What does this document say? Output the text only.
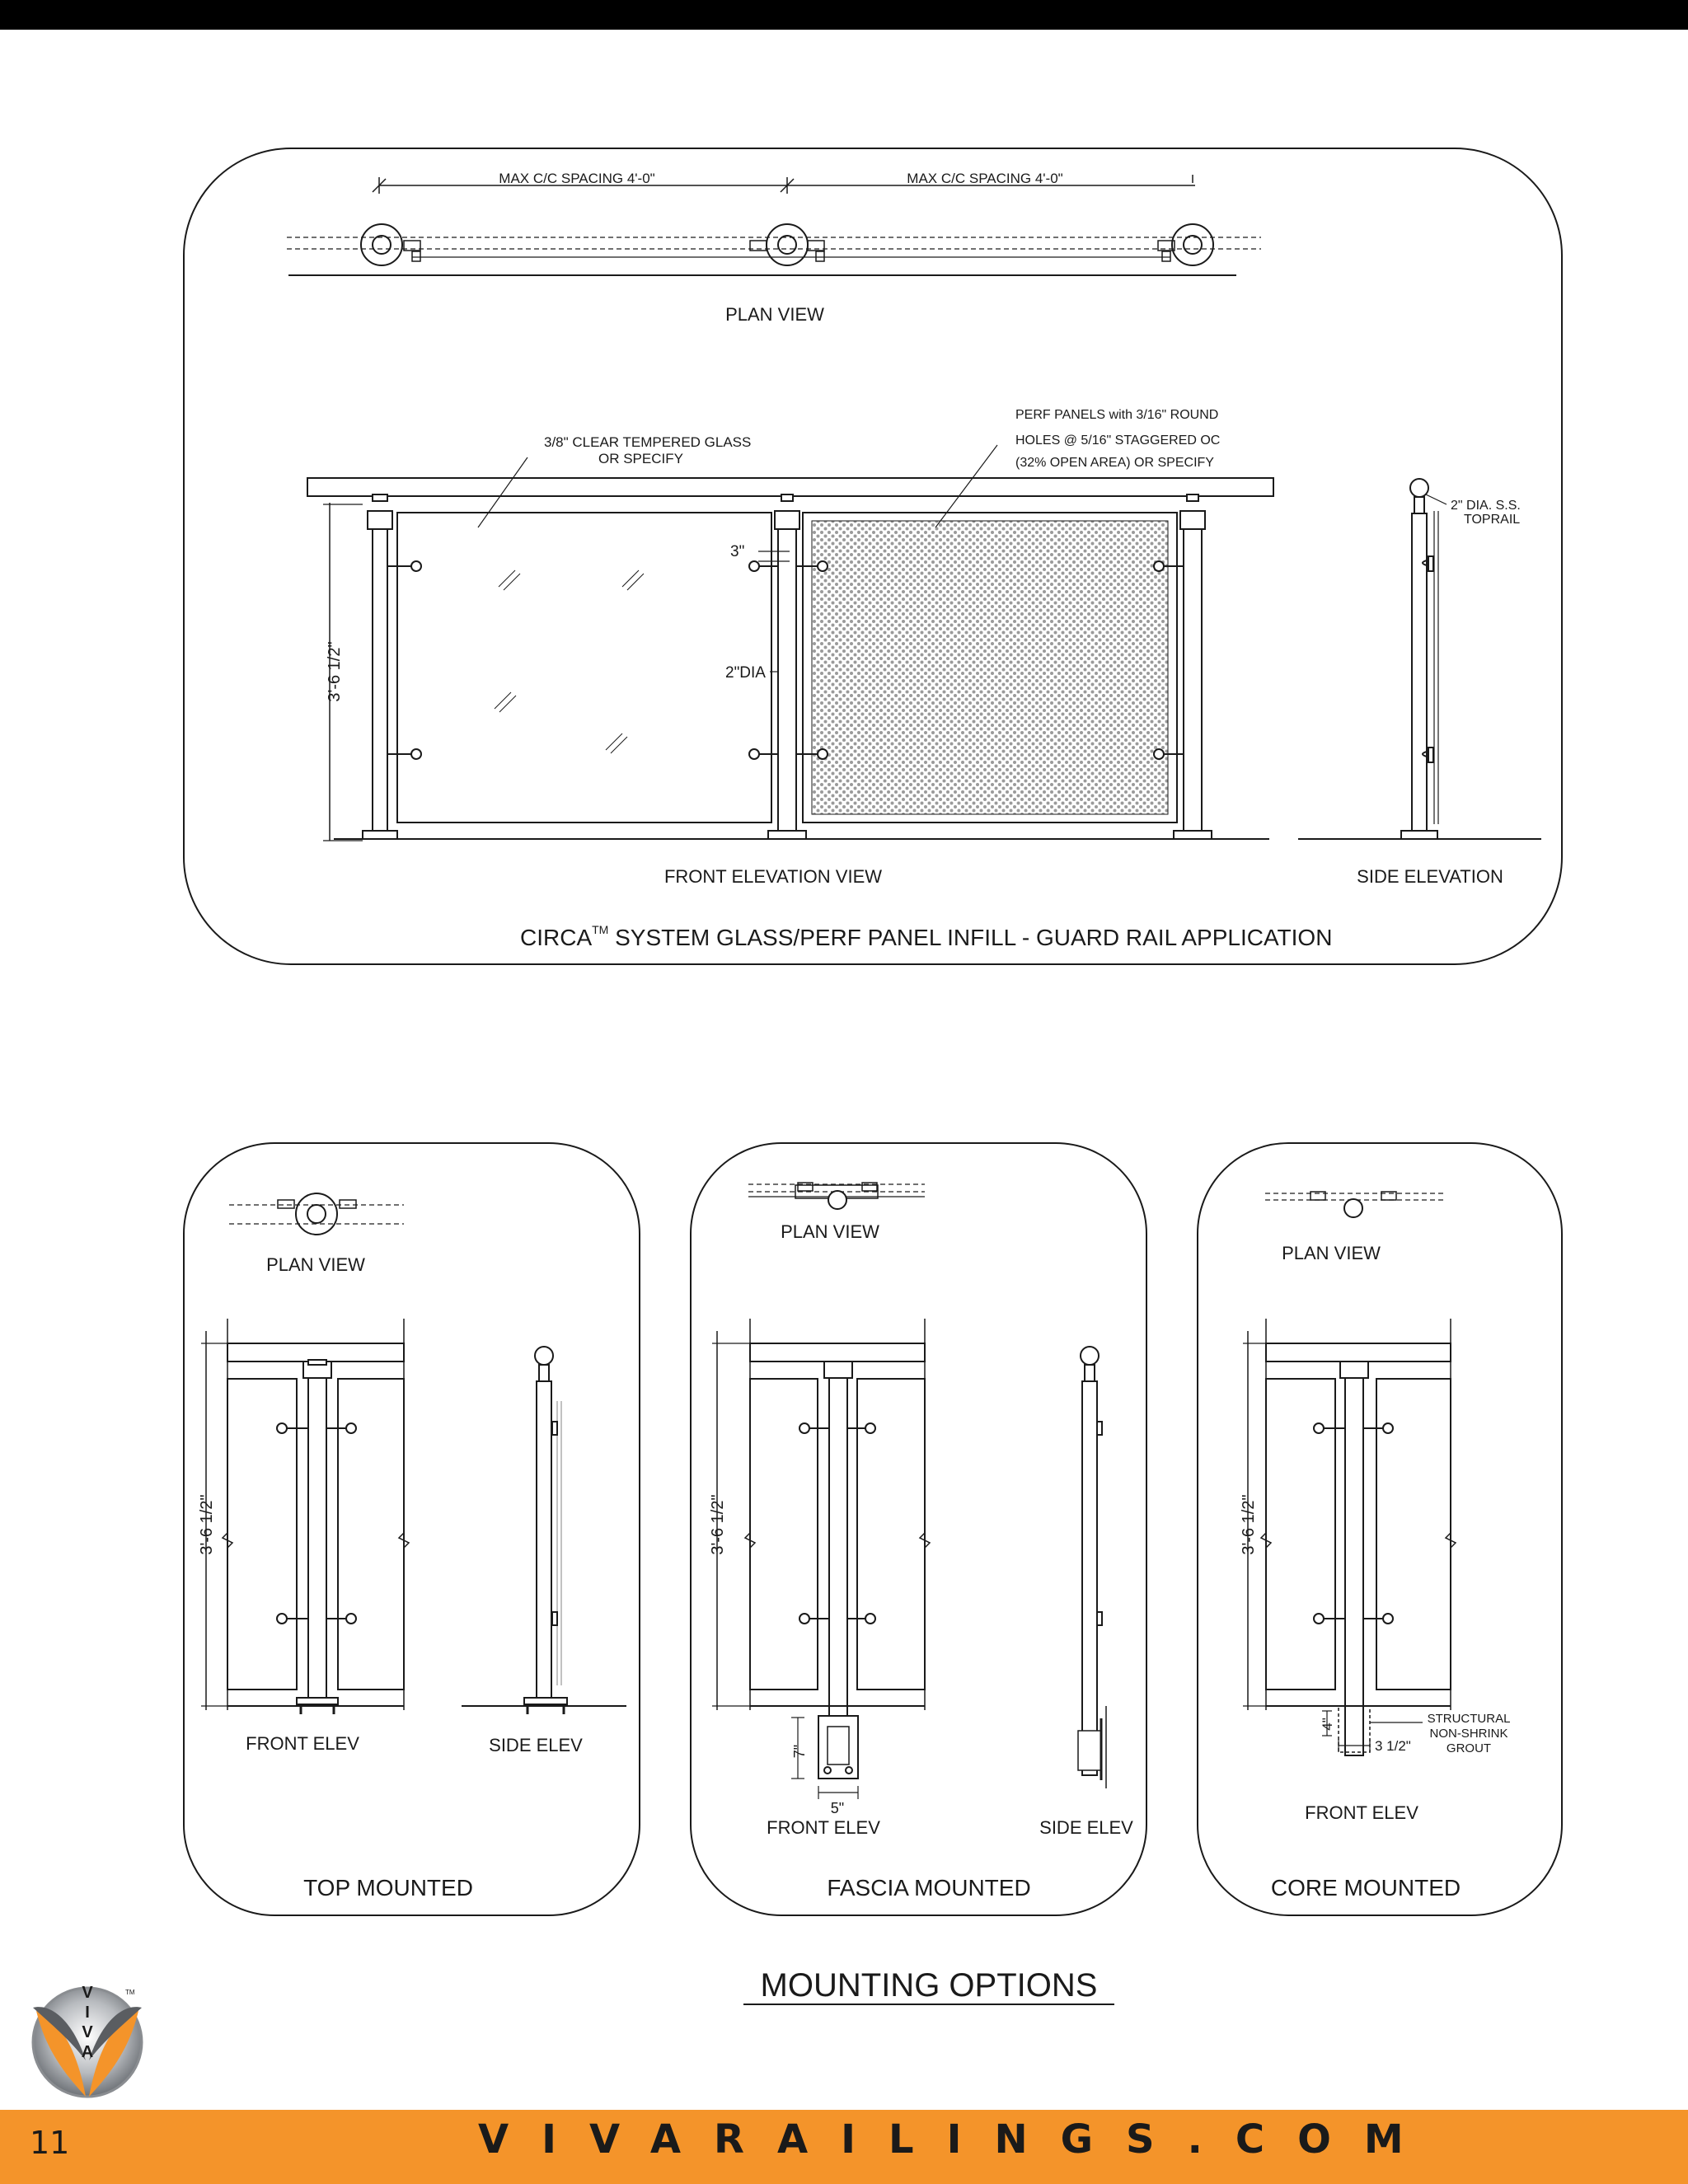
MAX C/C SPACING 4'-0"	MAX C/C SPACING 4'-0"
PLAN VIEW
3/8" CLEAR TEMPERED GLASS
OR SPECIFY
PERF PANELS with 3/16" ROUND
HOLES @ 5/16" STAGGERED OC
(32% OPEN AREA) OR SPECIFY
3'-6 1/2"
3"
2"DIA
2" DIA. S.S.
TOPRAIL
FRONT ELEVATION VIEW	SIDE ELEVATION
CIRCA™ SYSTEM GLASS/PERF PANEL INFILL - GUARD RAIL APPLICATION
PLAN VIEW
3'-6 1/2"
FRONT ELEV	SIDE ELEV
TOP MOUNTED
PLAN VIEW
3'-6 1/2"
7"
5"
FRONT ELEV	SIDE ELEV
FASCIA MOUNTED
PLAN VIEW
3'-6 1/2"
4"
3 1/2"
STRUCTURAL
NON-SHRINK
GROUT
FRONT ELEV
CORE MOUNTED
MOUNTING OPTIONS
V
I
V
A
TM
11	VIVARAILINGS.COM
